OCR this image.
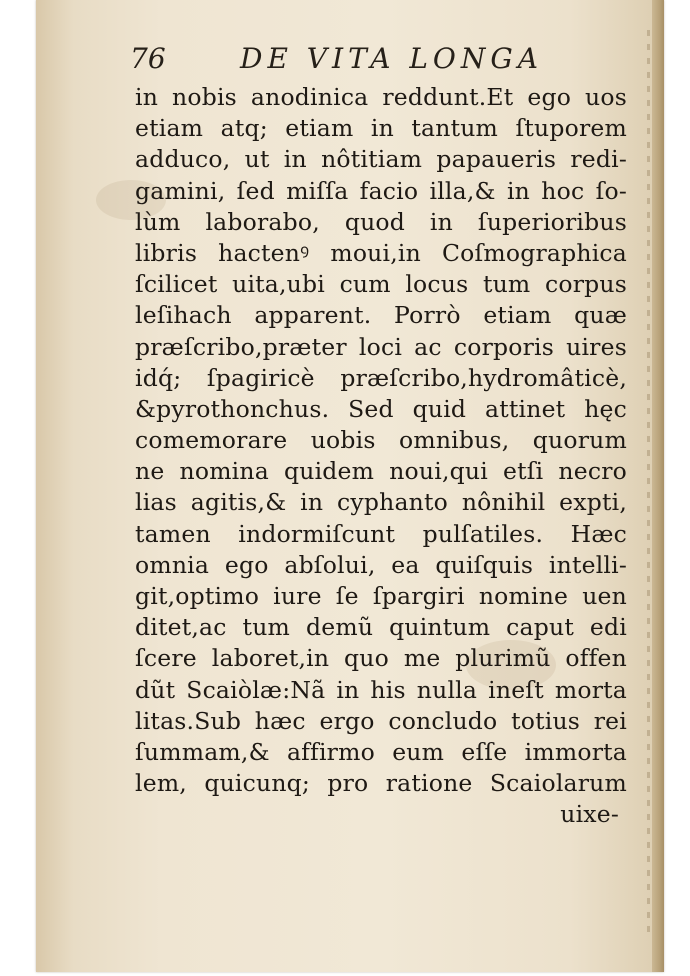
76	DE VITA LONGA
in nobis anodinica reddunt.Et ego uos
etiam atq; etiam in tantum ſtuporem
adduco, ut in nôtitiam papaueris redi-
gamini, ſed miſſa facio illa,& in hoc ſo-
lùm laborabo, quod in ſuperioribus
libris hactenꝰ moui,in Coſmographica
ſcilicet uita,ubi cum locus tum corpus
leſihach apparent. Porrò etiam quæ
præſcribo,præter loci ac corporis uires
idq́; ſpagiricè præſcribo,hydromâticè,
&pyrothonchus. Sed quid attinet hęc
comemorare uobis omnibus, quorum
ne nomina quidem noui,qui etſi necro
lias agitis,& in cyphanto nônihil expti,
tamen indormiſcunt pulſatiles. Hæc
omnia ego abſolui, ea quiſquis intelli-
git,optimo iure ſe ſpargiri nomine uen
ditet,ac tum demũ quintum caput edi
ſcere laboret,in quo me plurimũ offen
dũt Scaiòlæ:Nã in his nulla ineſt morta
litas.Sub hæc ergo concludo totius rei
ſummam,& affirmo eum eſſe immorta
lem, quicunq; pro ratione Scaiolarum
uixe-
